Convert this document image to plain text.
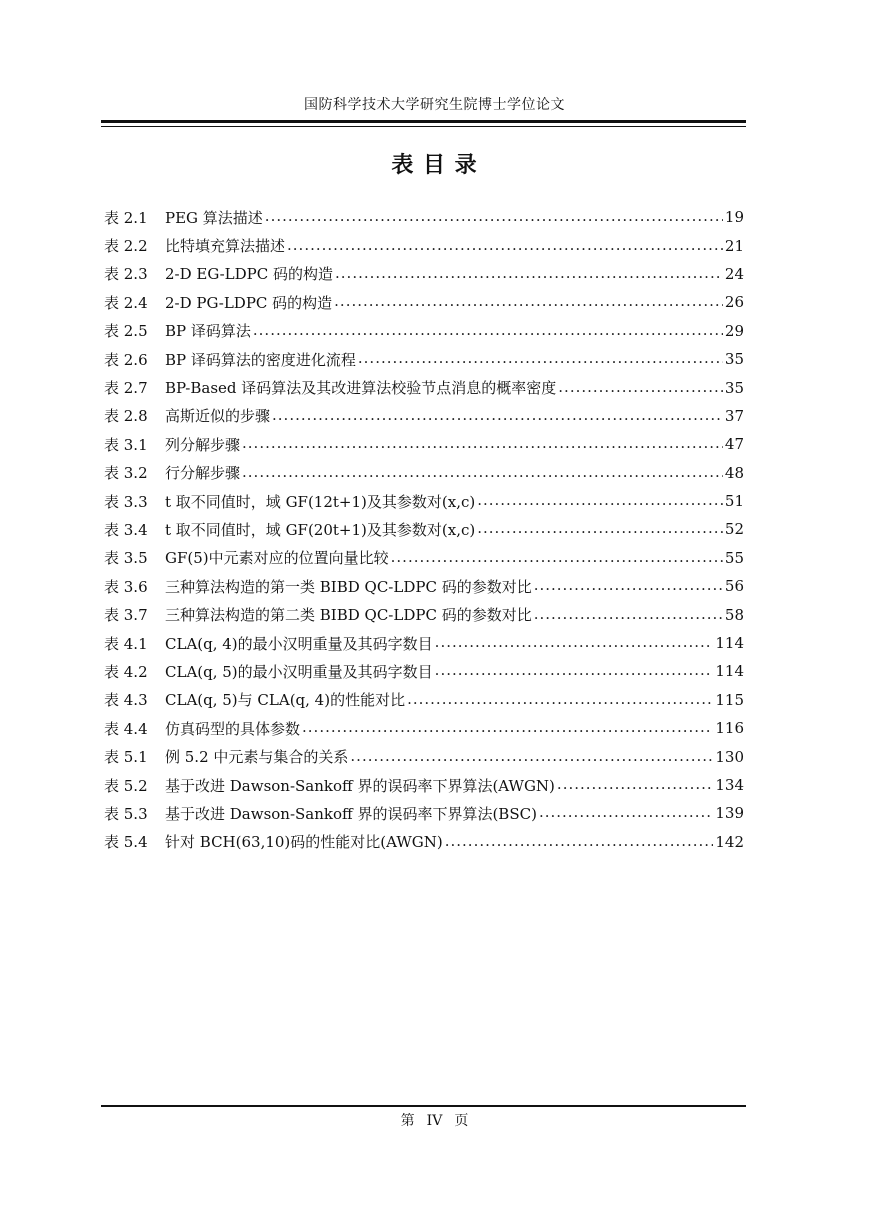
国防科学技术大学研究生院博士学位论文
表 目 录
表 2.1	PEG 算法描述 .....	19
表 2.2	比特填充算法描述 .....	21
表 2.3	2-D EG-LDPC 码的构造 .....	24
表 2.4	2-D PG-LDPC 码的构造 .....	26
表 2.5	BP 译码算法 .....	29
表 2.6	BP 译码算法的密度进化流程 .....	35
表 2.7	BP-Based 译码算法及其改进算法校验节点消息的概率密度 .....	35
表 2.8	高斯近似的步骤 .....	37
表 3.1	列分解步骤 .....	47
表 3.2	行分解步骤 .....	48
表 3.3	t 取不同值时，域 GF(12t+1)及其参数对(x,c) .....	51
表 3.4	t 取不同值时，域 GF(20t+1)及其参数对(x,c) .....	52
表 3.5	GF(5)中元素对应的位置向量比较 .....	55
表 3.6	三种算法构造的第一类 BIBD QC-LDPC 码的参数对比 .....	56
表 3.7	三种算法构造的第二类 BIBD QC-LDPC 码的参数对比 .....	58
表 4.1	CLA(q, 4)的最小汉明重量及其码字数目 .....	114
表 4.2	CLA(q, 5)的最小汉明重量及其码字数目 .....	114
表 4.3	CLA(q, 5)与 CLA(q, 4)的性能对比 .....	115
表 4.4	仿真码型的具体参数 .....	116
表 5.1	例 5.2 中元素与集合的关系 .....	130
表 5.2	基于改进 Dawson-Sankoff 界的误码率下界算法(AWGN) .....	134
表 5.3	基于改进 Dawson-Sankoff 界的误码率下界算法(BSC) .....	139
表 5.4	针对 BCH(63,10)码的性能对比(AWGN) .....	142
第 IV 页
